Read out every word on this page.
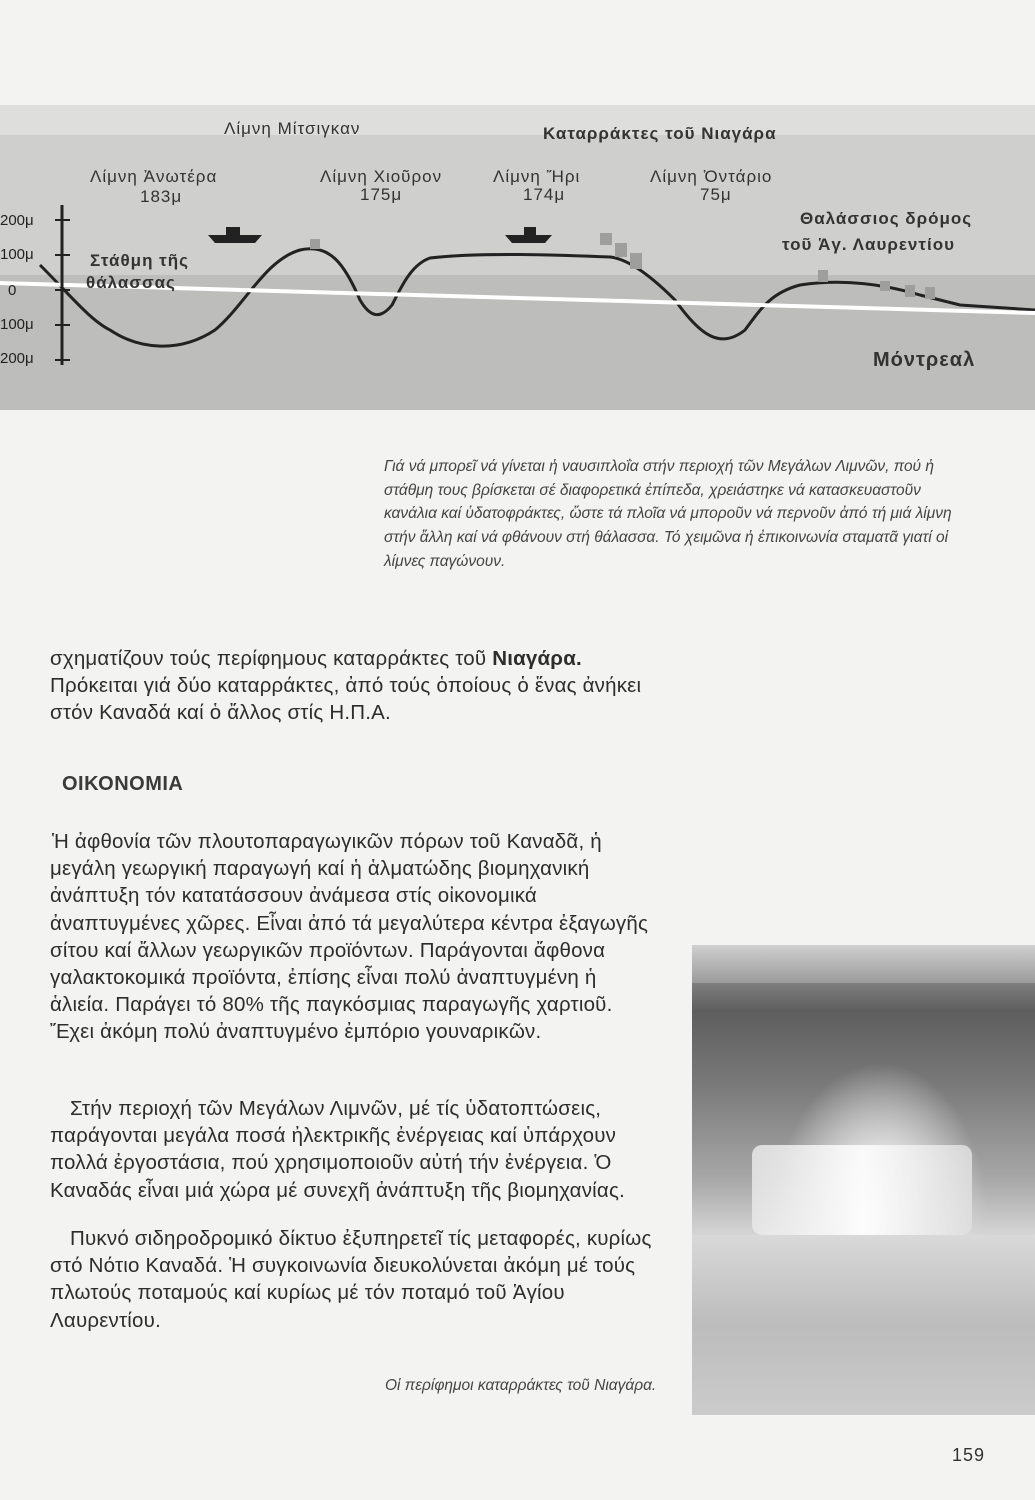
Λίμνη Μίτσιγκαν	Καταρράκτες τοῦ Νιαγάρα
Λίμνη Ἀνωτέρα
183μ
Λίμνη Χιοῦρον
175μ
Λίμνη Ἤρι
174μ
Λίμνη Ὀντάριο
75μ
Θαλάσσιος δρόμος
τοῦ Ἁγ. Λαυρεντίου
Στάθμη τῆς
θάλασσας
Μόντρεαλ
200μ
100μ
0
100μ
200μ
Γιά νά μπορεῖ νά γίνεται ἡ ναυσιπλοΐα στήν περιοχή τῶν Μεγάλων Λιμνῶν, πού ἡ στάθμη τους βρίσκεται σέ διαφορετικά ἐπίπεδα, χρειάστηκε νά κατασκευαστοῦν κανάλια καί ὑδατοφράκτες, ὥστε τά πλοῖα νά μποροῦν νά περνοῦν ἀπό τή μιά λίμνη στήν ἄλλη καί νά φθάνουν στή θάλασσα. Τό χειμῶνα ἡ ἐπικοινωνία σταματᾶ γιατί οἱ λίμνες παγώνουν.
σχηματίζουν τούς περίφημους καταρράκτες τοῦ Νιαγάρα. Πρόκειται γιά δύο καταρράκτες, ἀπό τούς ὁποίους ὁ ἕνας ἀνήκει στόν Καναδά καί ὁ ἄλλος στίς Η.Π.Α.
ΟΙΚΟΝΟΜΙΑ
Ἡ ἀφθονία τῶν πλουτοπαραγωγικῶν πόρων τοῦ Καναδᾶ, ἡ μεγάλη γεωργική παραγωγή καί ἡ ἁλματώδης βιομηχανική ἀνάπτυξη τόν κατατάσσουν ἀνάμεσα στίς οἰκονομικά ἀναπτυγμένες χῶρες. Εἶναι ἀπό τά μεγαλύτερα κέντρα ἐξαγωγῆς σίτου καί ἄλλων γεωργικῶν προϊόντων. Παράγονται ἄφθονα γαλακτοκομικά προϊόντα, ἐπίσης εἶναι πολύ ἀναπτυγμένη ἡ ἁλιεία. Παράγει τό 80% τῆς παγκόσμιας παραγωγῆς χαρτιοῦ. Ἔχει ἀκόμη πολύ ἀναπτυγμένο ἐμπόριο γουναρικῶν.
Στήν περιοχή τῶν Μεγάλων Λιμνῶν, μέ τίς ὑδατοπτώσεις, παράγονται μεγάλα ποσά ἠλεκτρικῆς ἐνέργειας καί ὑπάρχουν πολλά ἐργοστάσια, πού χρησιμοποιοῦν αὐτή τήν ἐνέργεια. Ὁ Καναδάς εἶναι μιά χώρα μέ συνεχῆ ἀνάπτυξη τῆς βιομηχανίας.
Πυκνό σιδηροδρομικό δίκτυο ἐξυπηρετεῖ τίς μεταφορές, κυρίως στό Νότιο Καναδά. Ἡ συγκοινωνία διευκολύνεται ἀκόμη μέ τούς πλωτούς ποταμούς καί κυρίως μέ τόν ποταμό τοῦ Ἁγίου Λαυρεντίου.
Οἱ περίφημοι καταρράκτες τοῦ Νιαγάρα.
159
